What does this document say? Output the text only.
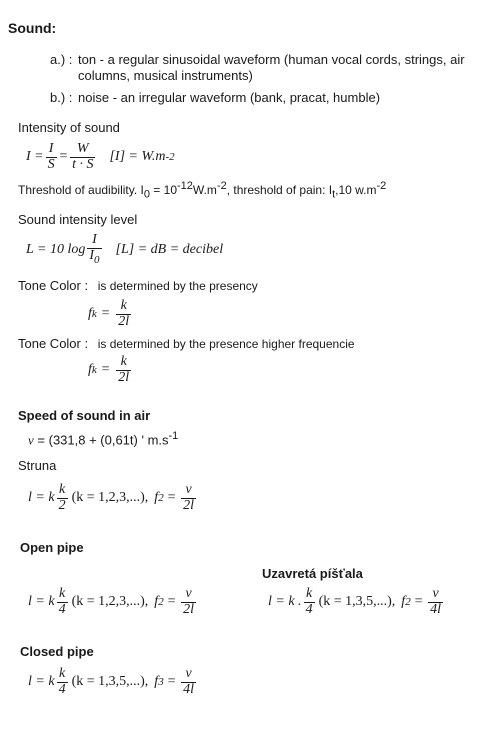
Sound:
a.) : ton - a regular sinusoidal waveform (human vocal cords, strings, air columns, musical instruments)
b.) : noise - an irregular waveform (bank, pracat, humble)
Intensity of sound
$I = \frac{I}{S} = \frac{W}{t \cdot S} [I] = W.m$ -2
Threshold of audibility. $I_0 = 10^{-12}W.m^{-2}$, threshold of pain: $I_t,10$ $w.m^{-2}$
Sound intensity level
L = 10 $\log \frac{I}{I_0} [L]$ = dB = decibel
Tone Color : is determined by the presency
f $k = \frac{k}{2l}$
Tone Color : is determined by the presence higher frequencie
f $k = \frac{k}{2l}$
Speed of sound in air
v = (331,8 + (0,61t) ' $m.s^{-1}$
Struna
l = k $\frac{k}{2} (k = 1,2,3,...)$, f $2 = \frac{v}{2l}$
Open pipe
l = k $\frac{k}{4} (k = 1,2,3,...)$, f $2 = \frac{v}{2l}$
Uzavretá píšťala
l = k . $\frac{k}{4} (k = 1,3,5,...)$, f $2 = \frac{v}{4l}$
Closed pipe
l = k $\frac{k}{4} (k = 1,3,5,...)$, f $3 = \frac{v}{4l}$
